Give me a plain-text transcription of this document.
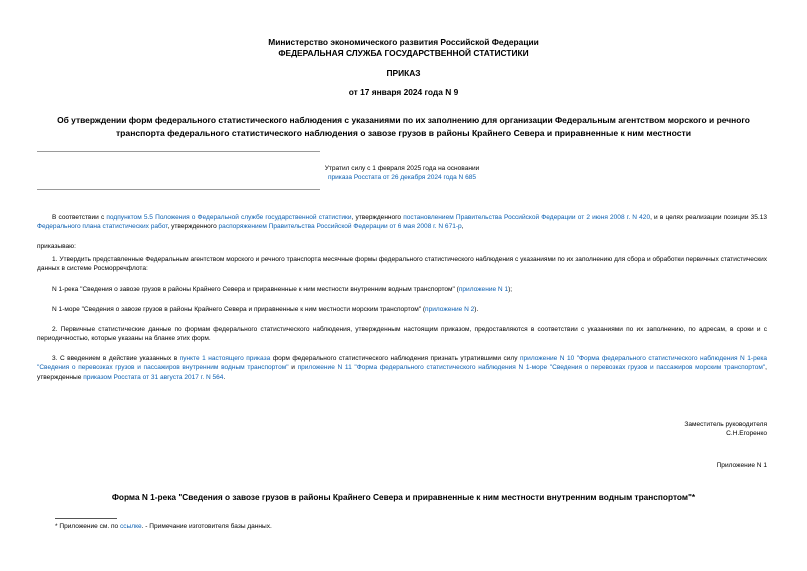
Министерство экономического развития Российской Федерации
ФЕДЕРАЛЬНАЯ СЛУЖБА ГОСУДАРСТВЕННОЙ СТАТИСТИКИ
ПРИКАЗ
от 17 января 2024 года N 9
Об утверждении форм федерального статистического наблюдения с указаниями по их заполнению для организации Федеральным агентством морского и речного
транспорта федерального статистического наблюдения о завозе грузов в районы Крайнего Севера и приравненные к ним местности
Утратил силу с 1 февраля 2025 года на основании
приказа Росстата от 26 декабря 2024 года N 685

В соответствии с подпунктом 5.5 Положения о Федеральной службе государственной статистики, утвержденного постановлением Правительства Российской Федерации от 2 июня 2008 г. N 420, и в целях реализации позиции 35.13 Федерального плана статистических работ, утвержденного распоряжением Правительства Российской Федерации от 6 мая 2008 г. N 671-р,

приказываю:

1. Утвердить представленные Федеральным агентством морского и речного транспорта месячные формы федерального статистического наблюдения с указаниями по их заполнению для сбора и обработки первичных статистических данных в системе Росморречфлота:

N 1-река "Сведения о завозе грузов в районы Крайнего Севера и приравненные к ним местности внутренним водным транспортом" (приложение N 1);
N 1-море "Сведения о завозе грузов в районы Крайнего Севера и приравненные к ним местности морским транспортом" (приложение N 2).

2. Первичные статистические данные по формам федерального статистического наблюдения, утвержденным настоящим приказом, предоставляются в соответствии с указаниями по их заполнению, по адресам, в сроки и с периодичностью, которые указаны на бланке этих форм.

3. С введением в действие указанных в пункте 1 настоящего приказа форм федерального статистического наблюдения признать утратившими силу приложение N 10 "Форма федерального статистического наблюдения N 1-река "Сведения о перевозках грузов и пассажиров внутренним водным транспортом" и приложение N 11 "Форма федерального статистического наблюдения N 1-море "Сведения о перевозках грузов и пассажиров морским транспортом", утвержденные приказом Росстата от 31 августа 2017 г. N 564.

Заместитель руководителя
С.Н.Егоренко
Приложение N 1
Форма N 1-река "Сведения о завозе грузов в районы Крайнего Севера и приравненные к ним местности внутренним водным транспортом"*
* Приложение см. по ссылке. - Примечание изготовителя базы данных.
